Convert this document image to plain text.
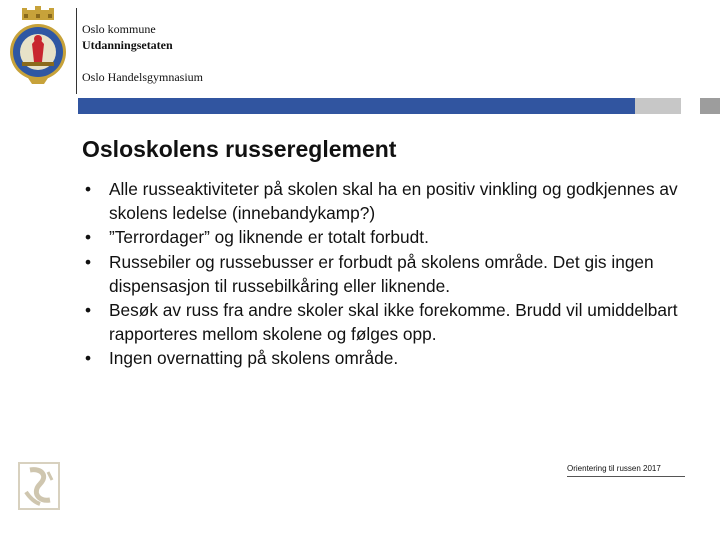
Oslo kommune
Utdanningsetaten
Oslo Handelsgymnasium
Osloskolens russereglement
• Alle russeaktiviteter på skolen skal ha en positiv vinkling og godkjennes av skolens ledelse (innebandykamp?)
• ”Terrordager” og liknende er totalt forbudt.
• Russebiler og russebusser er forbudt på skolens område. Det gis ingen dispensasjon til russebilkåring eller liknende.
• Besøk av russ fra andre skoler skal ikke forekomme. Brudd vil umiddelbart rapporteres mellom skolene og følges opp.
• Ingen overnatting på skolens område.
Orientering til russen 2017
